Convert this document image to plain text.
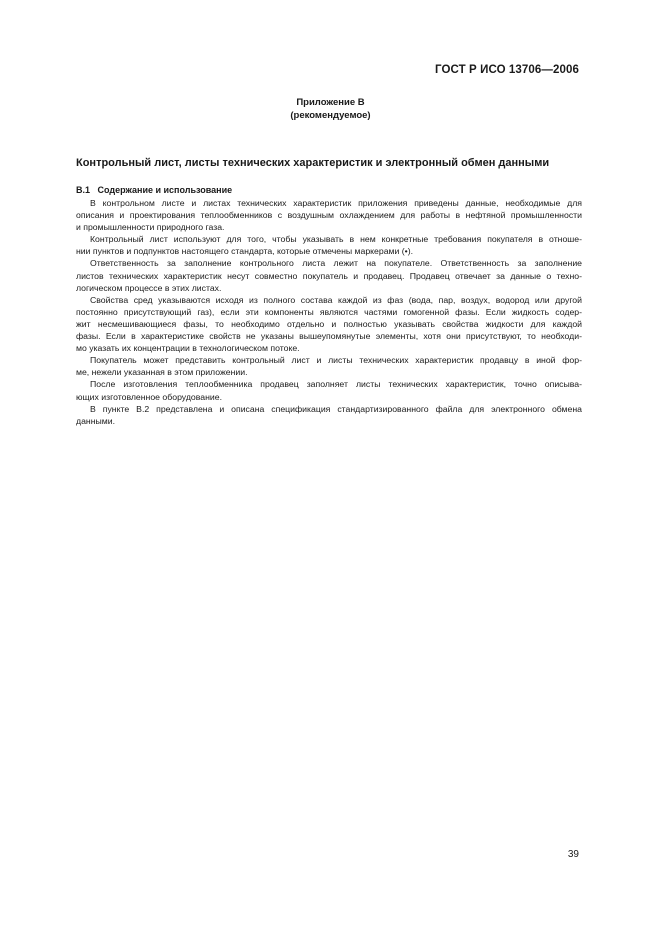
ГОСТ Р ИСО 13706—2006
Приложение В
(рекомендуемое)
Контрольный лист, листы технических характеристик и электронный обмен данными
В.1 Содержание и использование

В контрольном листе и листах технических характеристик приложения приведены данные, необходимые для
описания и проектирования теплообменников с воздушным охлаждением для работы в нефтяной промышленности
и промышленности природного газа.

Контрольный лист используют для того, чтобы указывать в нем конкретные требования покупателя в отноше-
нии пунктов и подпунктов настоящего стандарта, которые отмечены маркерами (•).

Ответственность за заполнение контрольного листа лежит на покупателе. Ответственность за заполнение
листов технических характеристик несут совместно покупатель и продавец. Продавец отвечает за данные о техно-
логическом процессе в этих листах.

Свойства сред указываются исходя из полного состава каждой из фаз (вода, пар, воздух, водород или другой
постоянно присутствующий газ), если эти компоненты являются частями гомогенной фазы. Если жидкость содер-
жит несмешивающиеся фазы, то необходимо отдельно и полностью указывать свойства жидкости для каждой
фазы. Если в характеристике свойств не указаны вышеупомянутые элементы, хотя они присутствуют, то необходи-
мо указать их концентрации в технологическом потоке.

Покупатель может представить контрольный лист и листы технических характеристик продавцу в иной фор-
ме, нежели указанная в этом приложении.

После изготовления теплообменника продавец заполняет листы технических характеристик, точно описыва-
ющих изготовленное оборудование.

В пункте В.2 представлена и описана спецификация стандартизированного файла для электронного обмена
данными.

39
